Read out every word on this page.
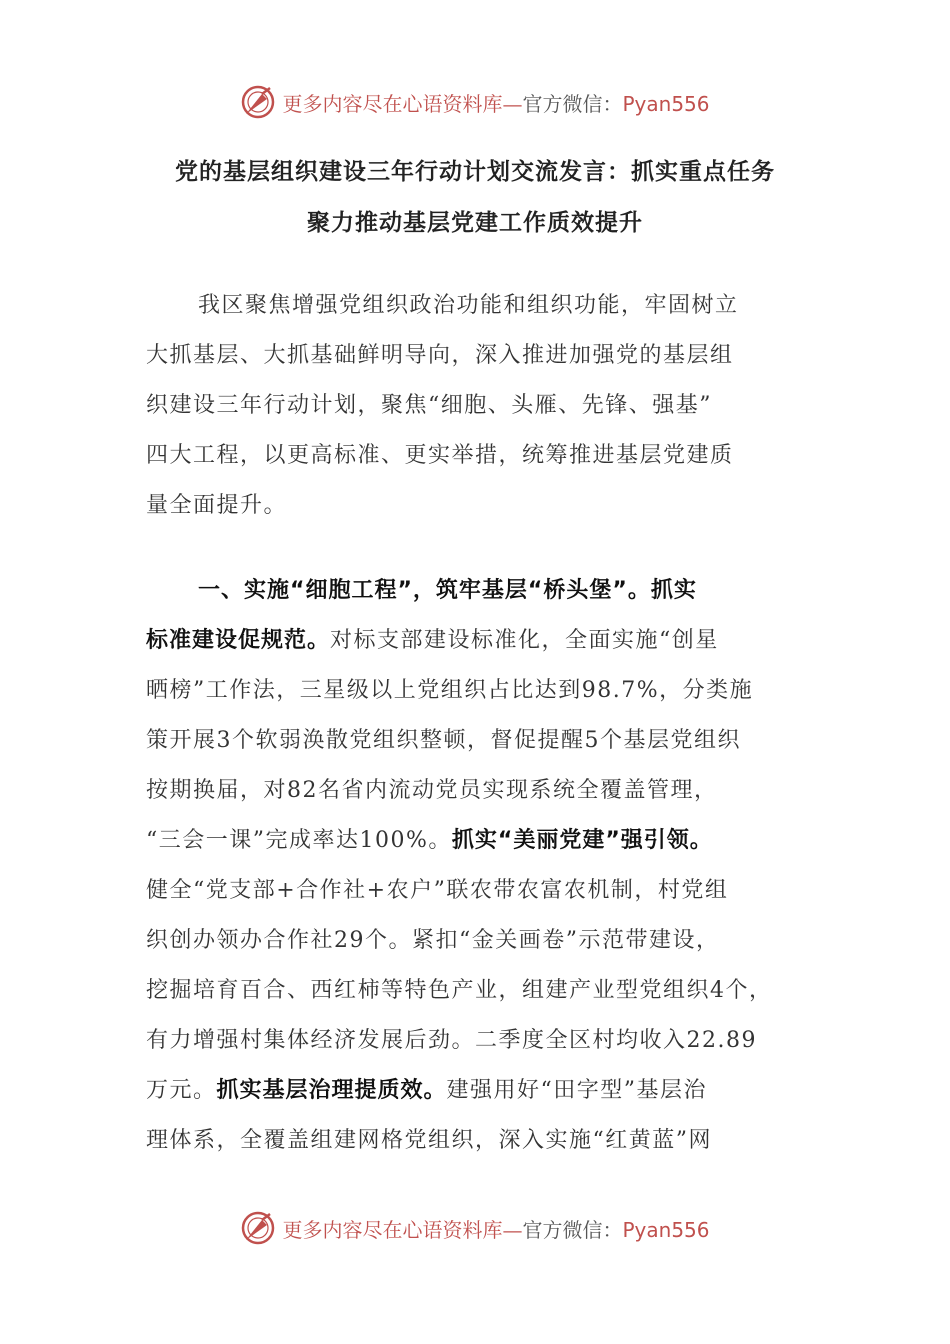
更多内容尽在心语资料库—官方微信：Pyan556
党的基层组织建设三年行动计划交流发言：抓实重点任务
聚力推动基层党建工作质效提升
我区聚焦增强党组织政治功能和组织功能，牢固树立
大抓基层、大抓基础鲜明导向，深入推进加强党的基层组
织建设三年行动计划，聚焦“细胞、头雁、先锋、强基”
四大工程，以更高标准、更实举措，统筹推进基层党建质
量全面提升。
一、实施“细胞工程”，筑牢基层“桥头堡”。抓实
标准建设促规范。对标支部建设标准化，全面实施“创星
晒榜”工作法，三星级以上党组织占比达到98.7%，分类施
策开展3个软弱涣散党组织整顿，督促提醒5个基层党组织
按期换届，对82名省内流动党员实现系统全覆盖管理，
“三会一课”完成率达100%。抓实“美丽党建”强引领。
健全“党支部+合作社+农户”联农带农富农机制，村党组
织创办领办合作社29个。紧扣“金关画卷”示范带建设，
挖掘培育百合、西红柿等特色产业，组建产业型党组织4个，
有力增强村集体经济发展后劲。二季度全区村均收入22.89
万元。抓实基层治理提质效。建强用好“田字型”基层治
理体系，全覆盖组建网格党组织，深入实施“红黄蓝”网
更多内容尽在心语资料库—官方微信：Pyan556
